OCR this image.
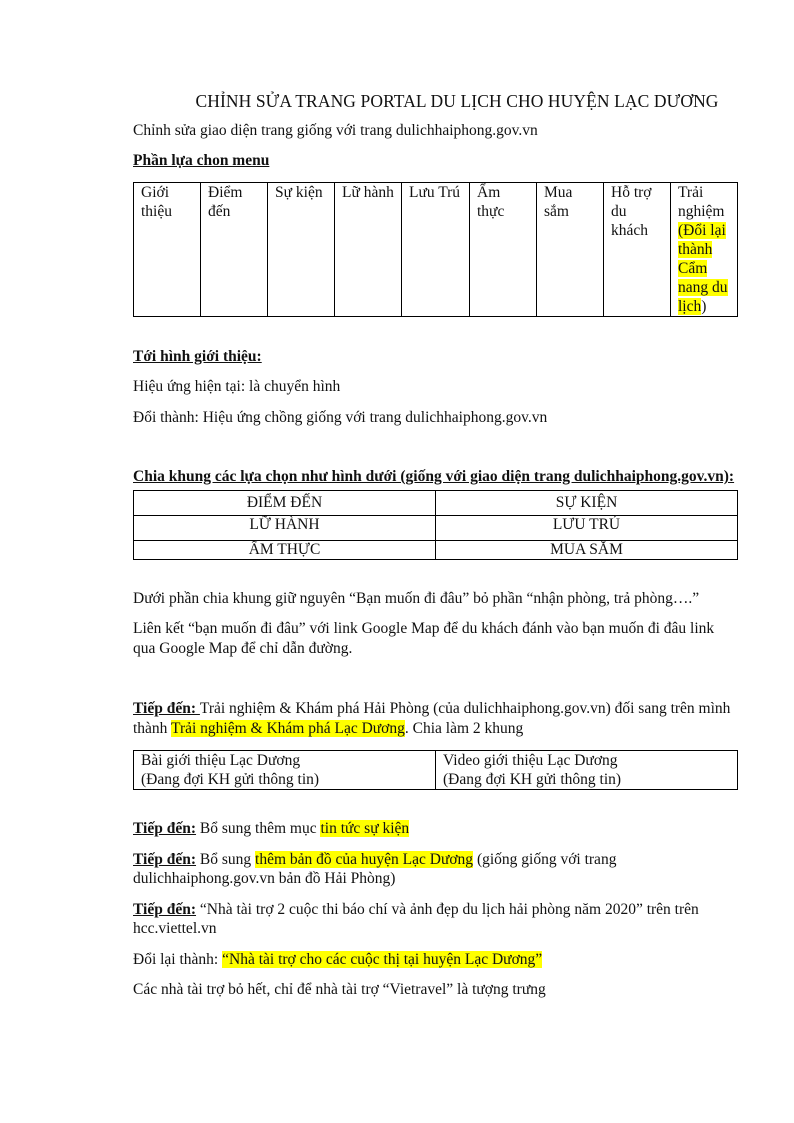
CHỈNH SỬA TRANG PORTAL DU LỊCH CHO HUYỆN LẠC DƯƠNG

Chỉnh sửa giao diện trang giống với trang dulichhaiphong.gov.vn

Phần lựa chon menu

Giới thiệu	Điểm đến	Sự kiện	Lữ hành	Lưu Trú	Ẩm thực	Mua sắm	Hỗ trợ du khách	Trải nghiệm (Đổi lại thành Cẩm nang du lịch)

Tới hình giới thiệu:

Hiệu ứng hiện tại: là chuyển hình

Đổi thành: Hiệu ứng chồng giống với trang dulichhaiphong.gov.vn

Chia khung các lựa chọn như hình dưới (giống với giao diện trang dulichhaiphong.gov.vn):

ĐIỂM ĐẾN	SỰ KIỆN
LỮ HÀNH	LƯU TRÚ
ẨM THỰC	MUA SẮM

Dưới phần chia khung giữ nguyên “Bạn muốn đi đâu” bỏ phần “nhận phòng, trả phòng….”

Liên kết “bạn muốn đi đâu” với link Google Map để du khách đánh vào bạn muốn đi đâu link qua Google Map để chỉ dẫn đường.

Tiếp đến: Trải nghiệm & Khám phá Hải Phòng (của dulichhaiphong.gov.vn) đối sang trên mình thành Trải nghiệm & Khám phá Lạc Dương. Chia làm 2 khung

Bài giới thiệu Lạc Dương
(Đang đợi KH gửi thông tin)

Video giới thiệu Lạc Dương
(Đang đợi KH gửi thông tin)

Tiếp đến: Bổ sung thêm mục tin tức sự kiện

Tiếp đến: Bổ sung thêm bản đồ của huyện Lạc Dương (giống giống với trang dulichhaiphong.gov.vn bản đồ Hải Phòng)

Tiếp đến: “Nhà tài trợ 2 cuộc thi báo chí và ảnh đẹp du lịch hải phòng năm 2020” trên trên hcc.viettel.vn

Đổi lại thành: “Nhà tài trợ cho các cuộc thị tại huyện Lạc Dương”

Các nhà tài trợ bỏ hết, chỉ để nhà tài trợ “Vietravel” là tượng trưng
